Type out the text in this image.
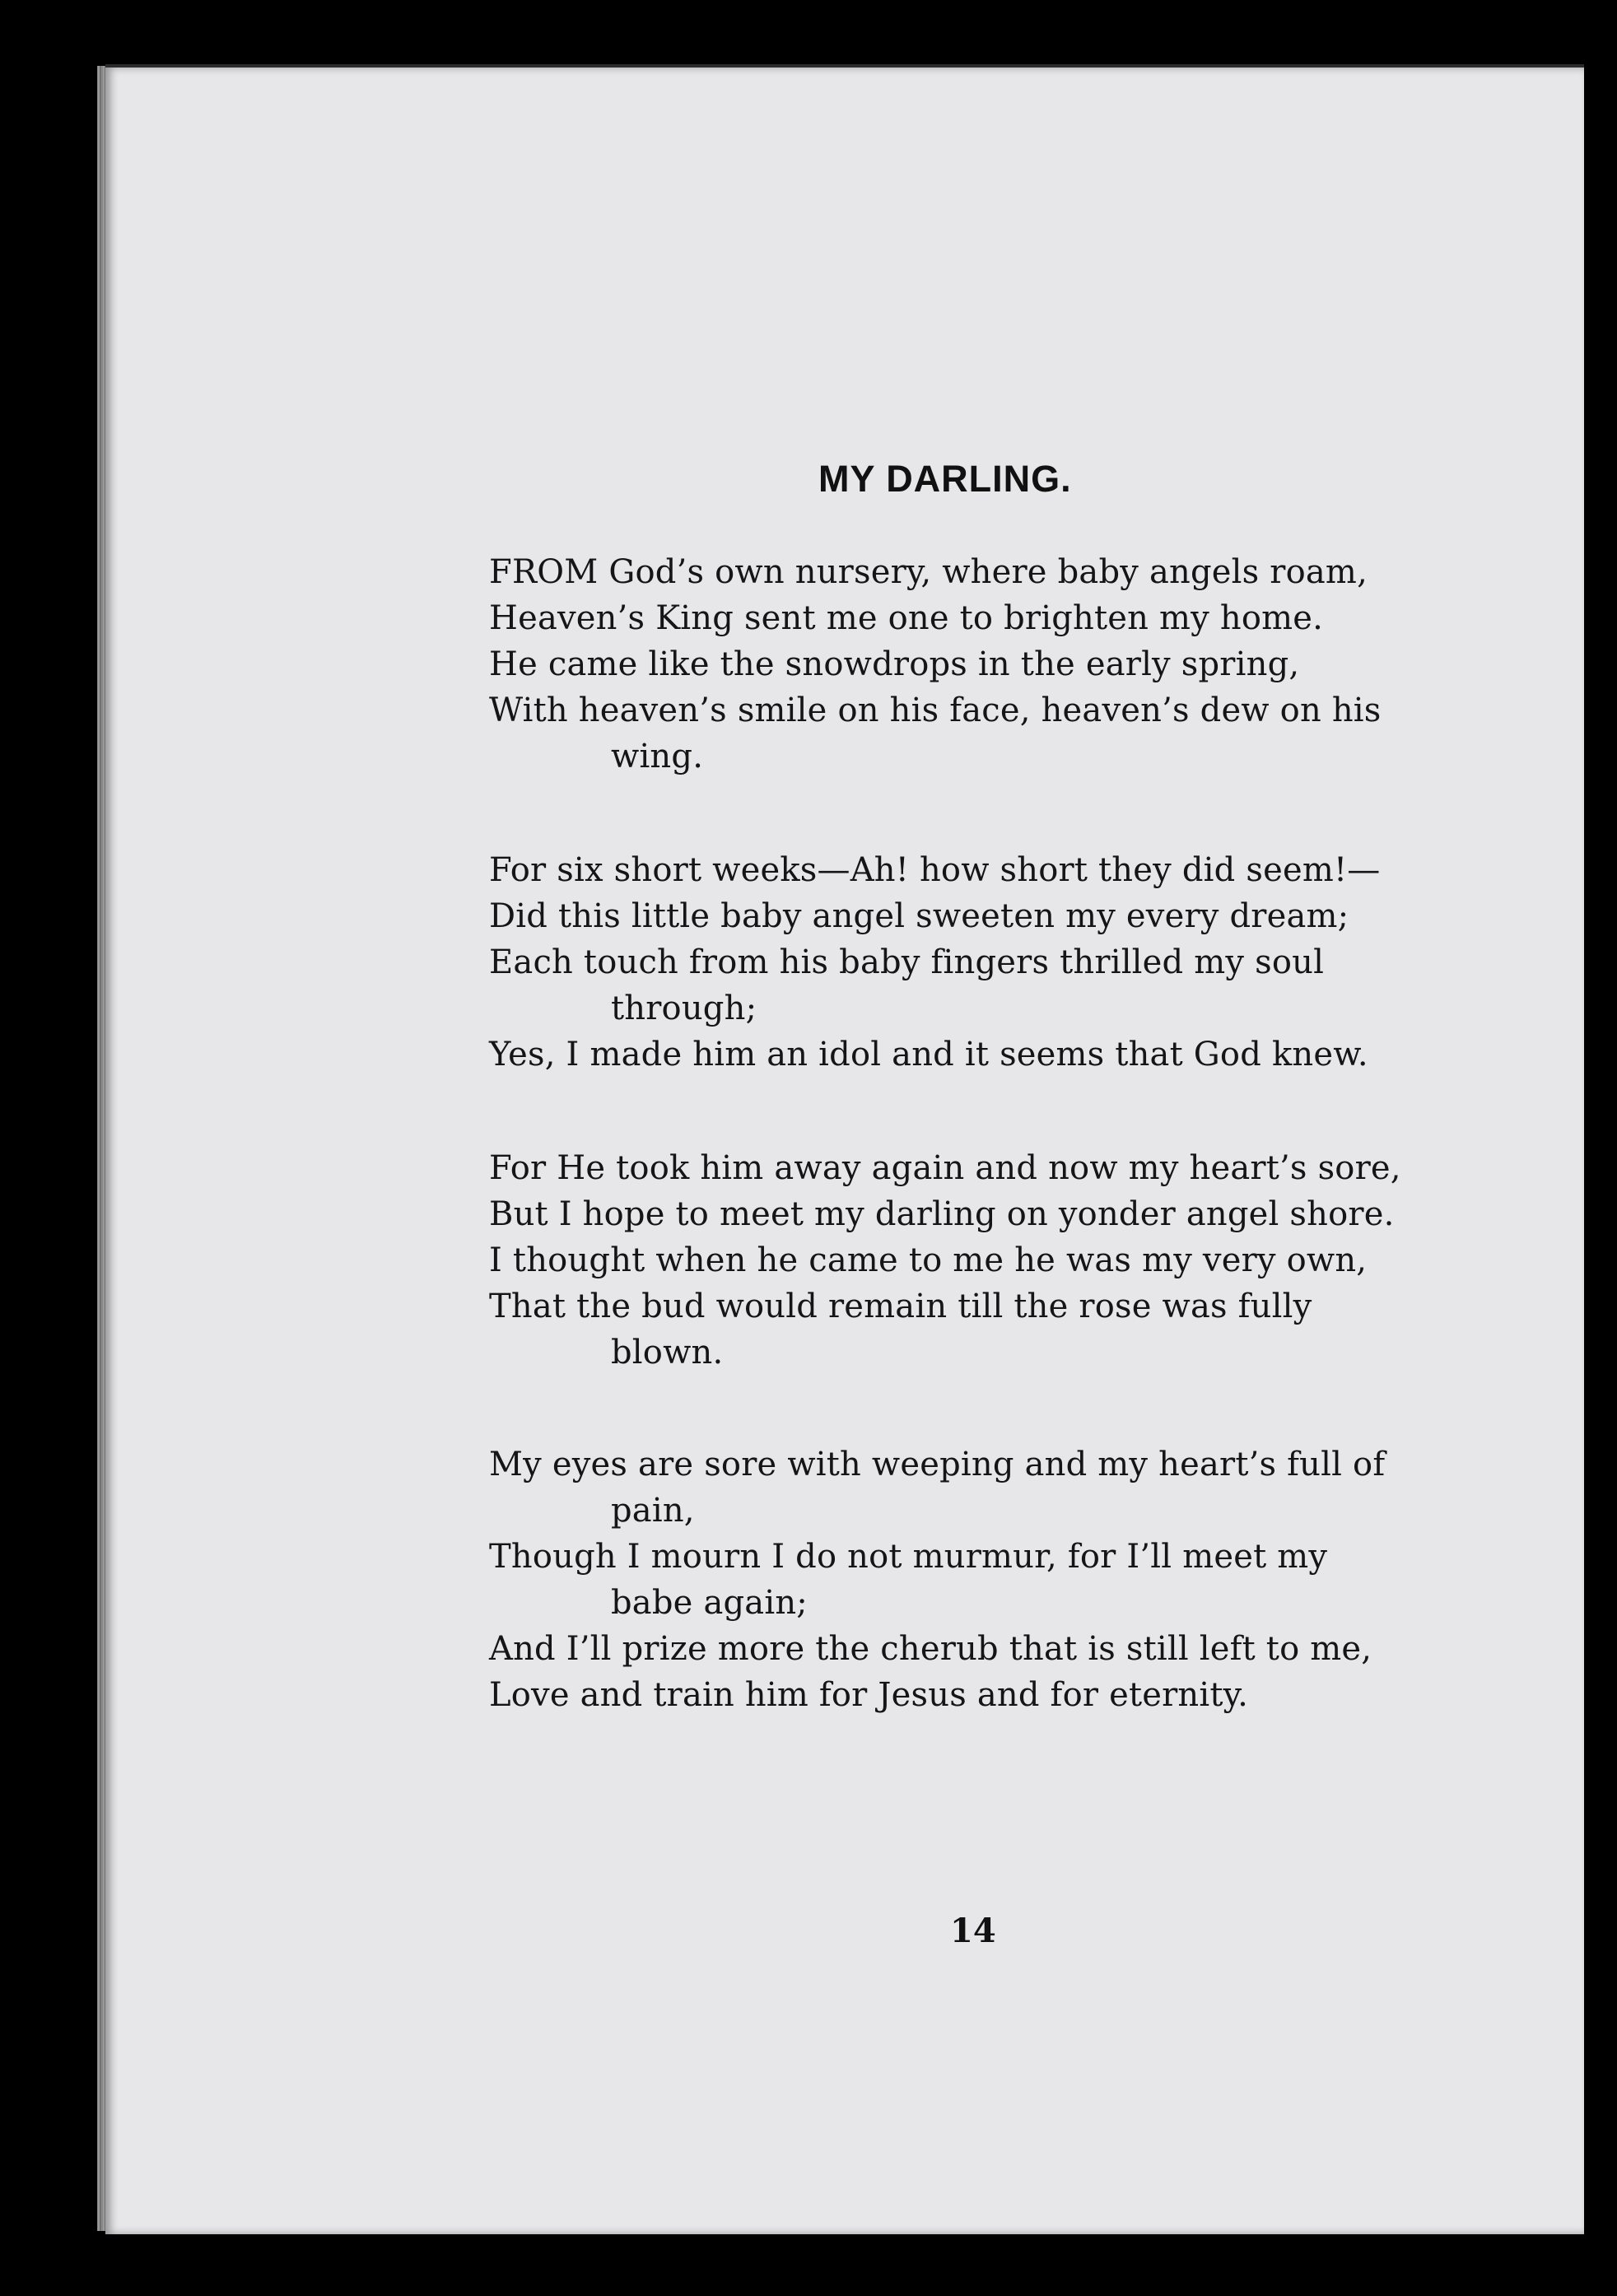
MY DARLING.
FROM God’s own nursery, where baby angels roam,
Heaven’s King sent me one to brighten my home.
He came like the snowdrops in the early spring,
With heaven’s smile on his face, heaven’s dew on his
wing.
For six short weeks—Ah! how short they did seem!—
Did this little baby angel sweeten my every dream;
Each touch from his baby fingers thrilled my soul
through;
Yes, I made him an idol and it seems that God knew.
For He took him away again and now my heart’s sore,
But I hope to meet my darling on yonder angel shore.
I thought when he came to me he was my very own,
That the bud would remain till the rose was fully
blown.
My eyes are sore with weeping and my heart’s full of
pain,
Though I mourn I do not murmur, for I’ll meet my
babe again;
And I’ll prize more the cherub that is still left to me,
Love and train him for Jesus and for eternity.
14
